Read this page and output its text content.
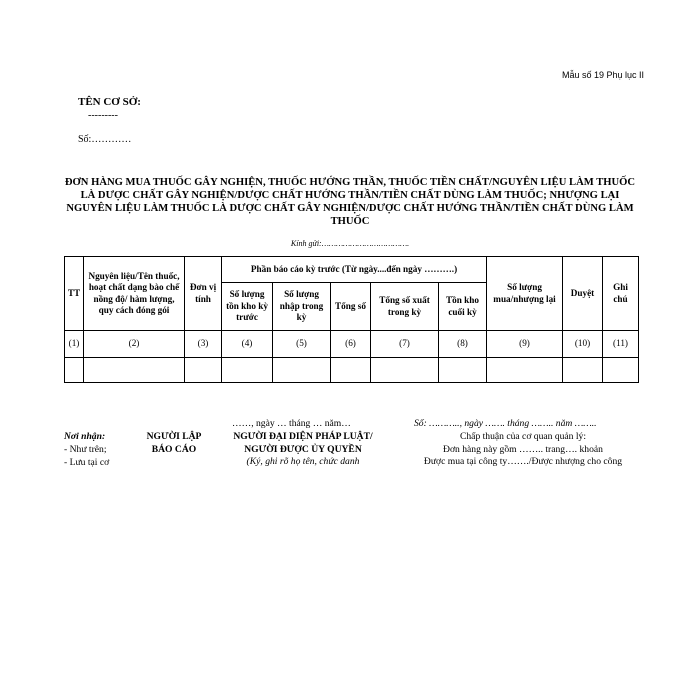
Mẫu số 19 Phụ lục II
TÊN CƠ SỞ:
---------
Số:…………
ĐƠN HÀNG MUA THUỐC GÂY NGHIỆN, THUỐC HƯỚNG THẦN, THUỐC TIỀN CHẤT/NGUYÊN LIỆU LÀM THUỐC LÀ DƯỢC CHẤT GÂY NGHIỆN/DƯỢC CHẤT HƯỚNG THẦN/TIỀN CHẤT DÙNG LÀM THUỐC; NHƯỢNG LẠI NGUYÊN LIỆU LÀM THUỐC LÀ DƯỢC CHẤT GÂY NGHIỆN/DƯỢC CHẤT HƯỚNG THẦN/TIỀN CHẤT DÙNG LÀM THUỐC
Kính gửi:……………………………….
TT	Nguyên liệu/Tên thuốc, hoạt chất dạng bào chế nồng độ/ hàm lượng, quy cách đóng gói	Đơn vị tính	Phần báo cáo kỳ trước (Từ ngày....đến ngày ……….)					Số lượng mua/nhượng lại	Duyệt	Ghi chú
			Số lượng tồn kho kỳ trước	Số lượng nhập trong kỳ	Tổng số	Tổng số xuất trong kỳ	Tồn kho cuối kỳ			
(1)	(2)	(3)	(4)	(5)	(6)	(7)	(8)	(9)	(10)	(11)

……, ngày … tháng … năm…	Số: ……….., ngày ……. tháng …….. năm ……..
Nơi nhận:
- Như trên;
- Lưu tại cơ
NGƯỜI LẬP
BÁO CÁO
NGƯỜI ĐẠI DIỆN PHÁP LUẬT/
NGƯỜI ĐƯỢC ỦY QUYỀN
(Ký, ghi rõ họ tên, chức danh
Chấp thuận của cơ quan quản lý:
Đơn hàng này gồm …….. trang…. khoản
Được mua tại công ty……./Được nhượng cho công
